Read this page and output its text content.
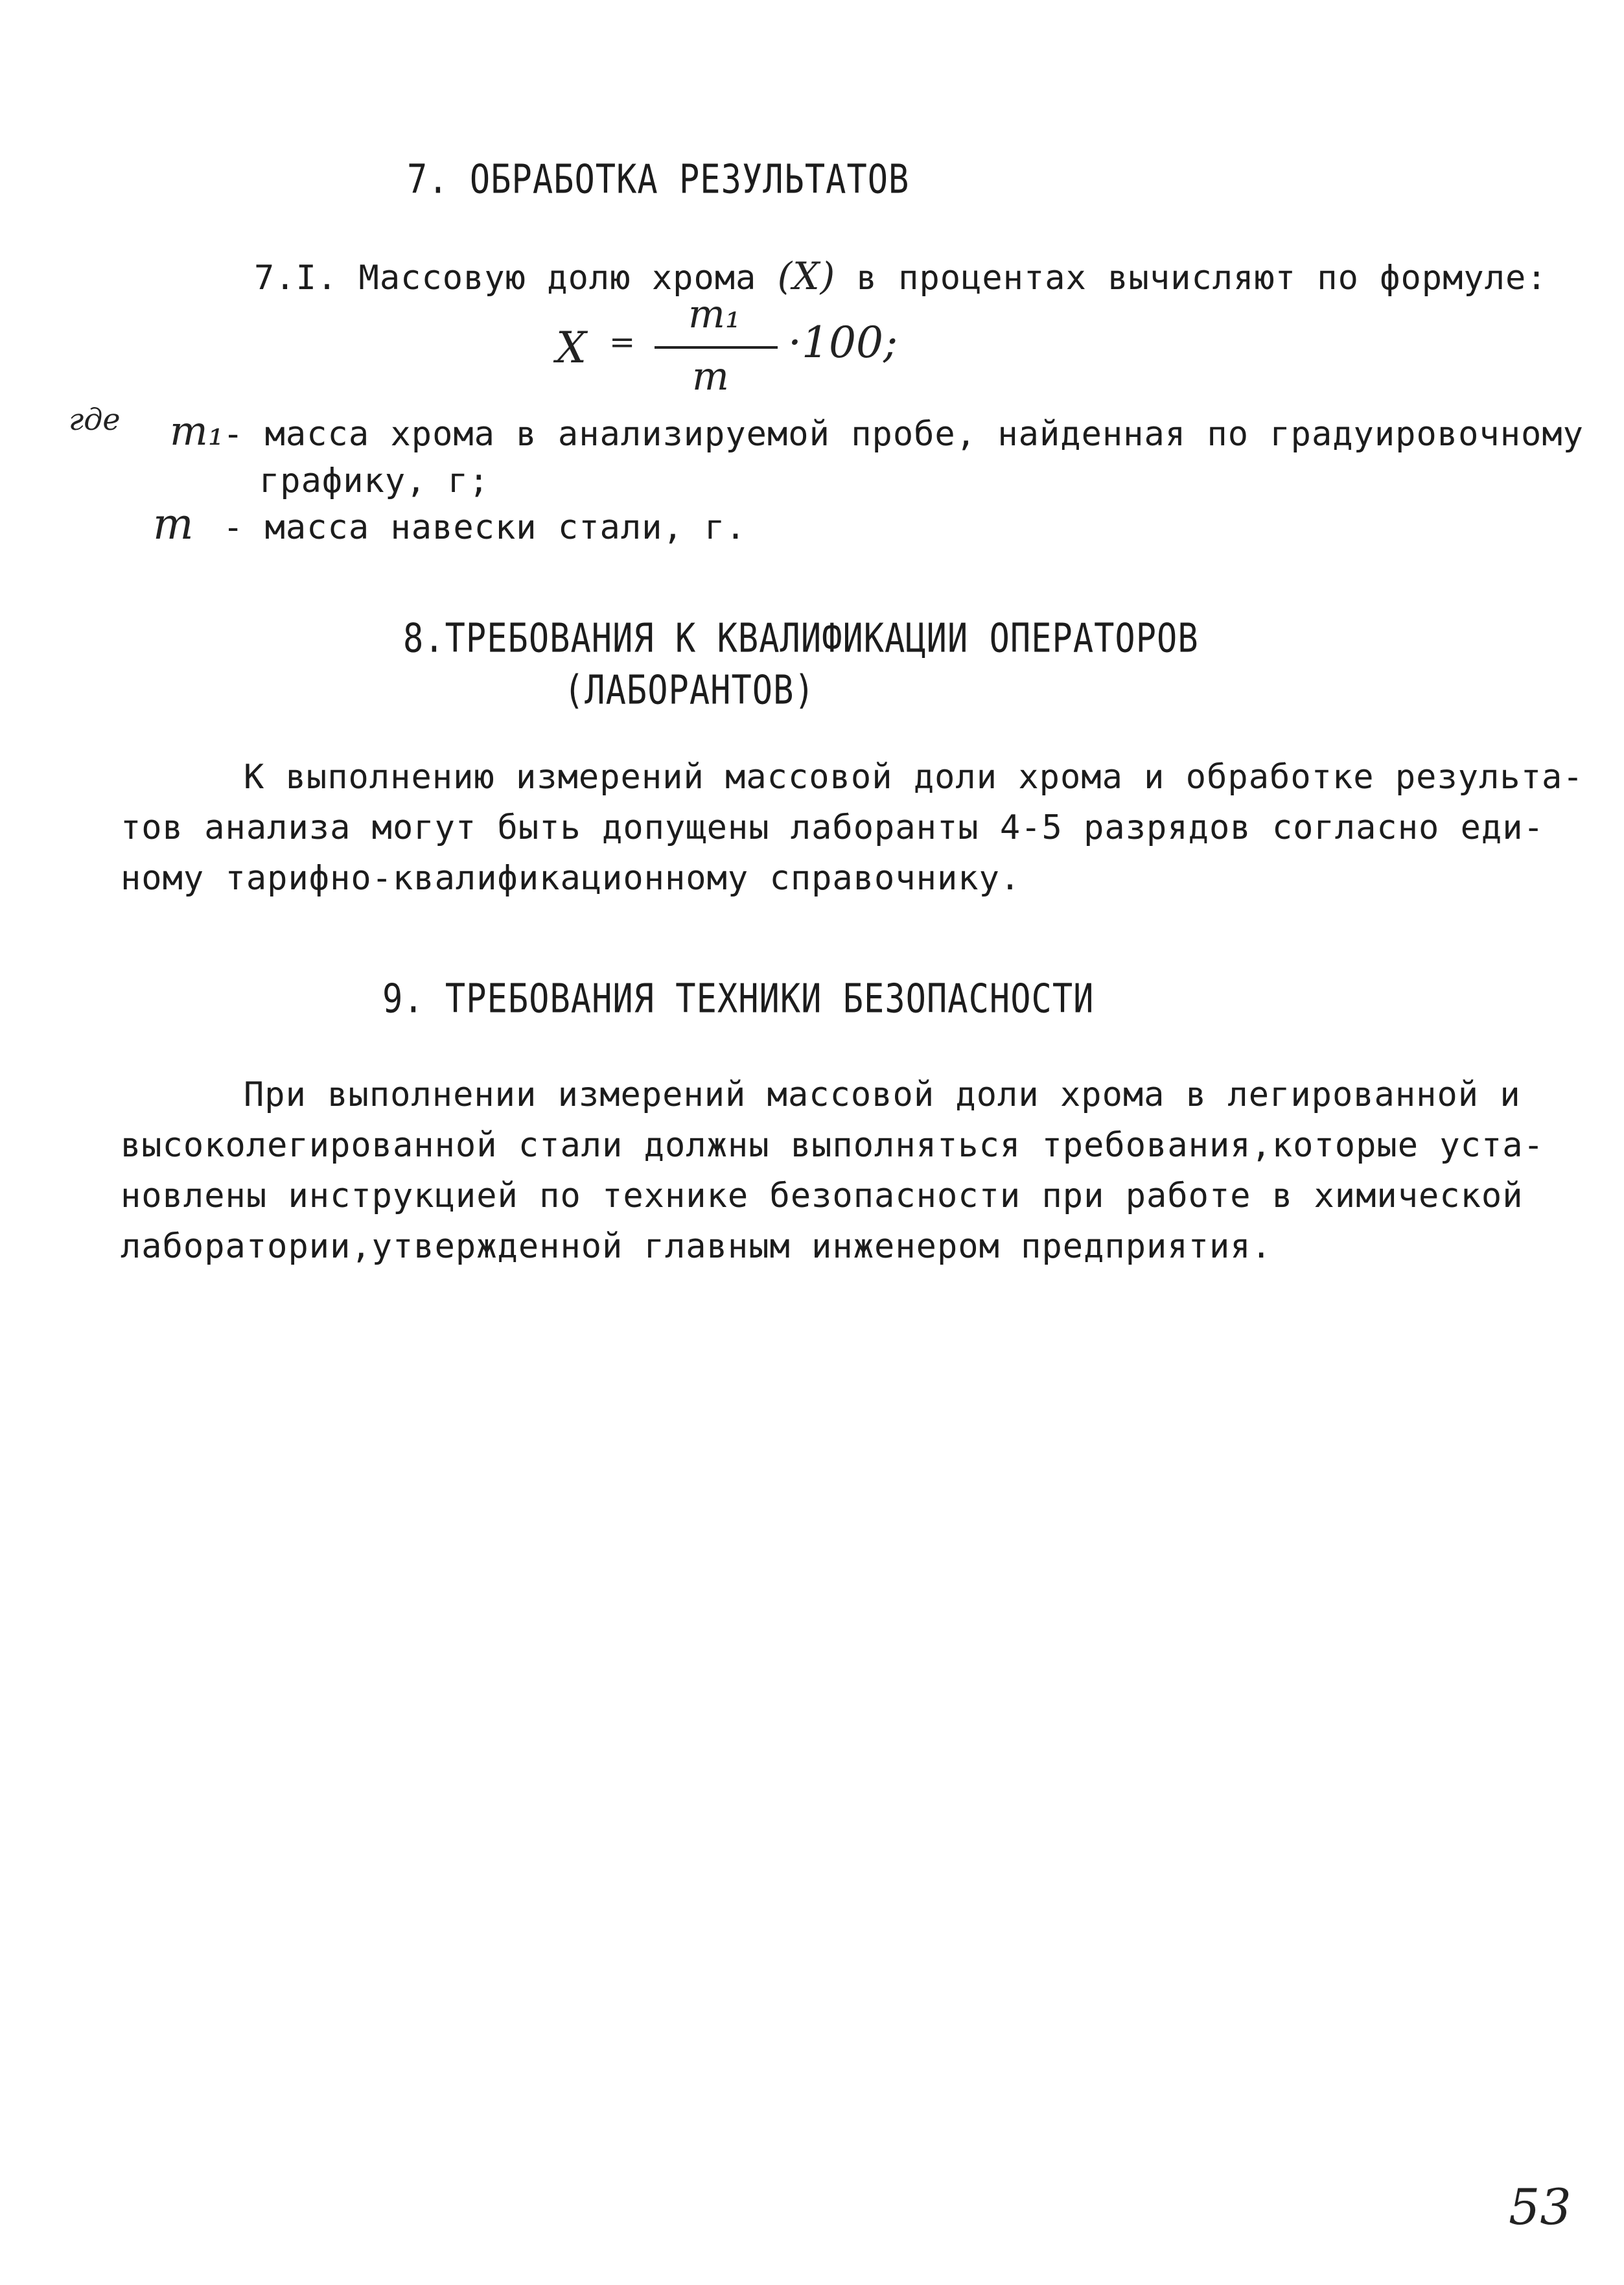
7. ОБРАБОТКА РЕЗУЛЬТАТОВ
7.I. Массовую долю хрома (X) в процентах вычисляют по формуле:
X =
m₁
m
·100;
где m₁
- масса хрома в анализируемой пробе, найденная по градуировочному
графику, г;
m - масса навески стали, г.
8.ТРЕБОВАНИЯ К КВАЛИФИКАЦИИ ОПЕРАТОРОВ
(ЛАБОРАНТОВ)
К выполнению измерений массовой доли хрома и обработке результа-
тов анализа могут быть допущены лаборанты 4-5 разрядов согласно еди-
ному тарифно-квалификационному справочнику.
9. ТРЕБОВАНИЯ ТЕХНИКИ БЕЗОПАСНОСТИ
При выполнении измерений массовой доли хрома в легированной и
высоколегированной стали должны выполняться требования,которые уста-
новлены инструкцией по технике безопасности при работе в химической
лаборатории,утвержденной главным инженером предприятия.
53
